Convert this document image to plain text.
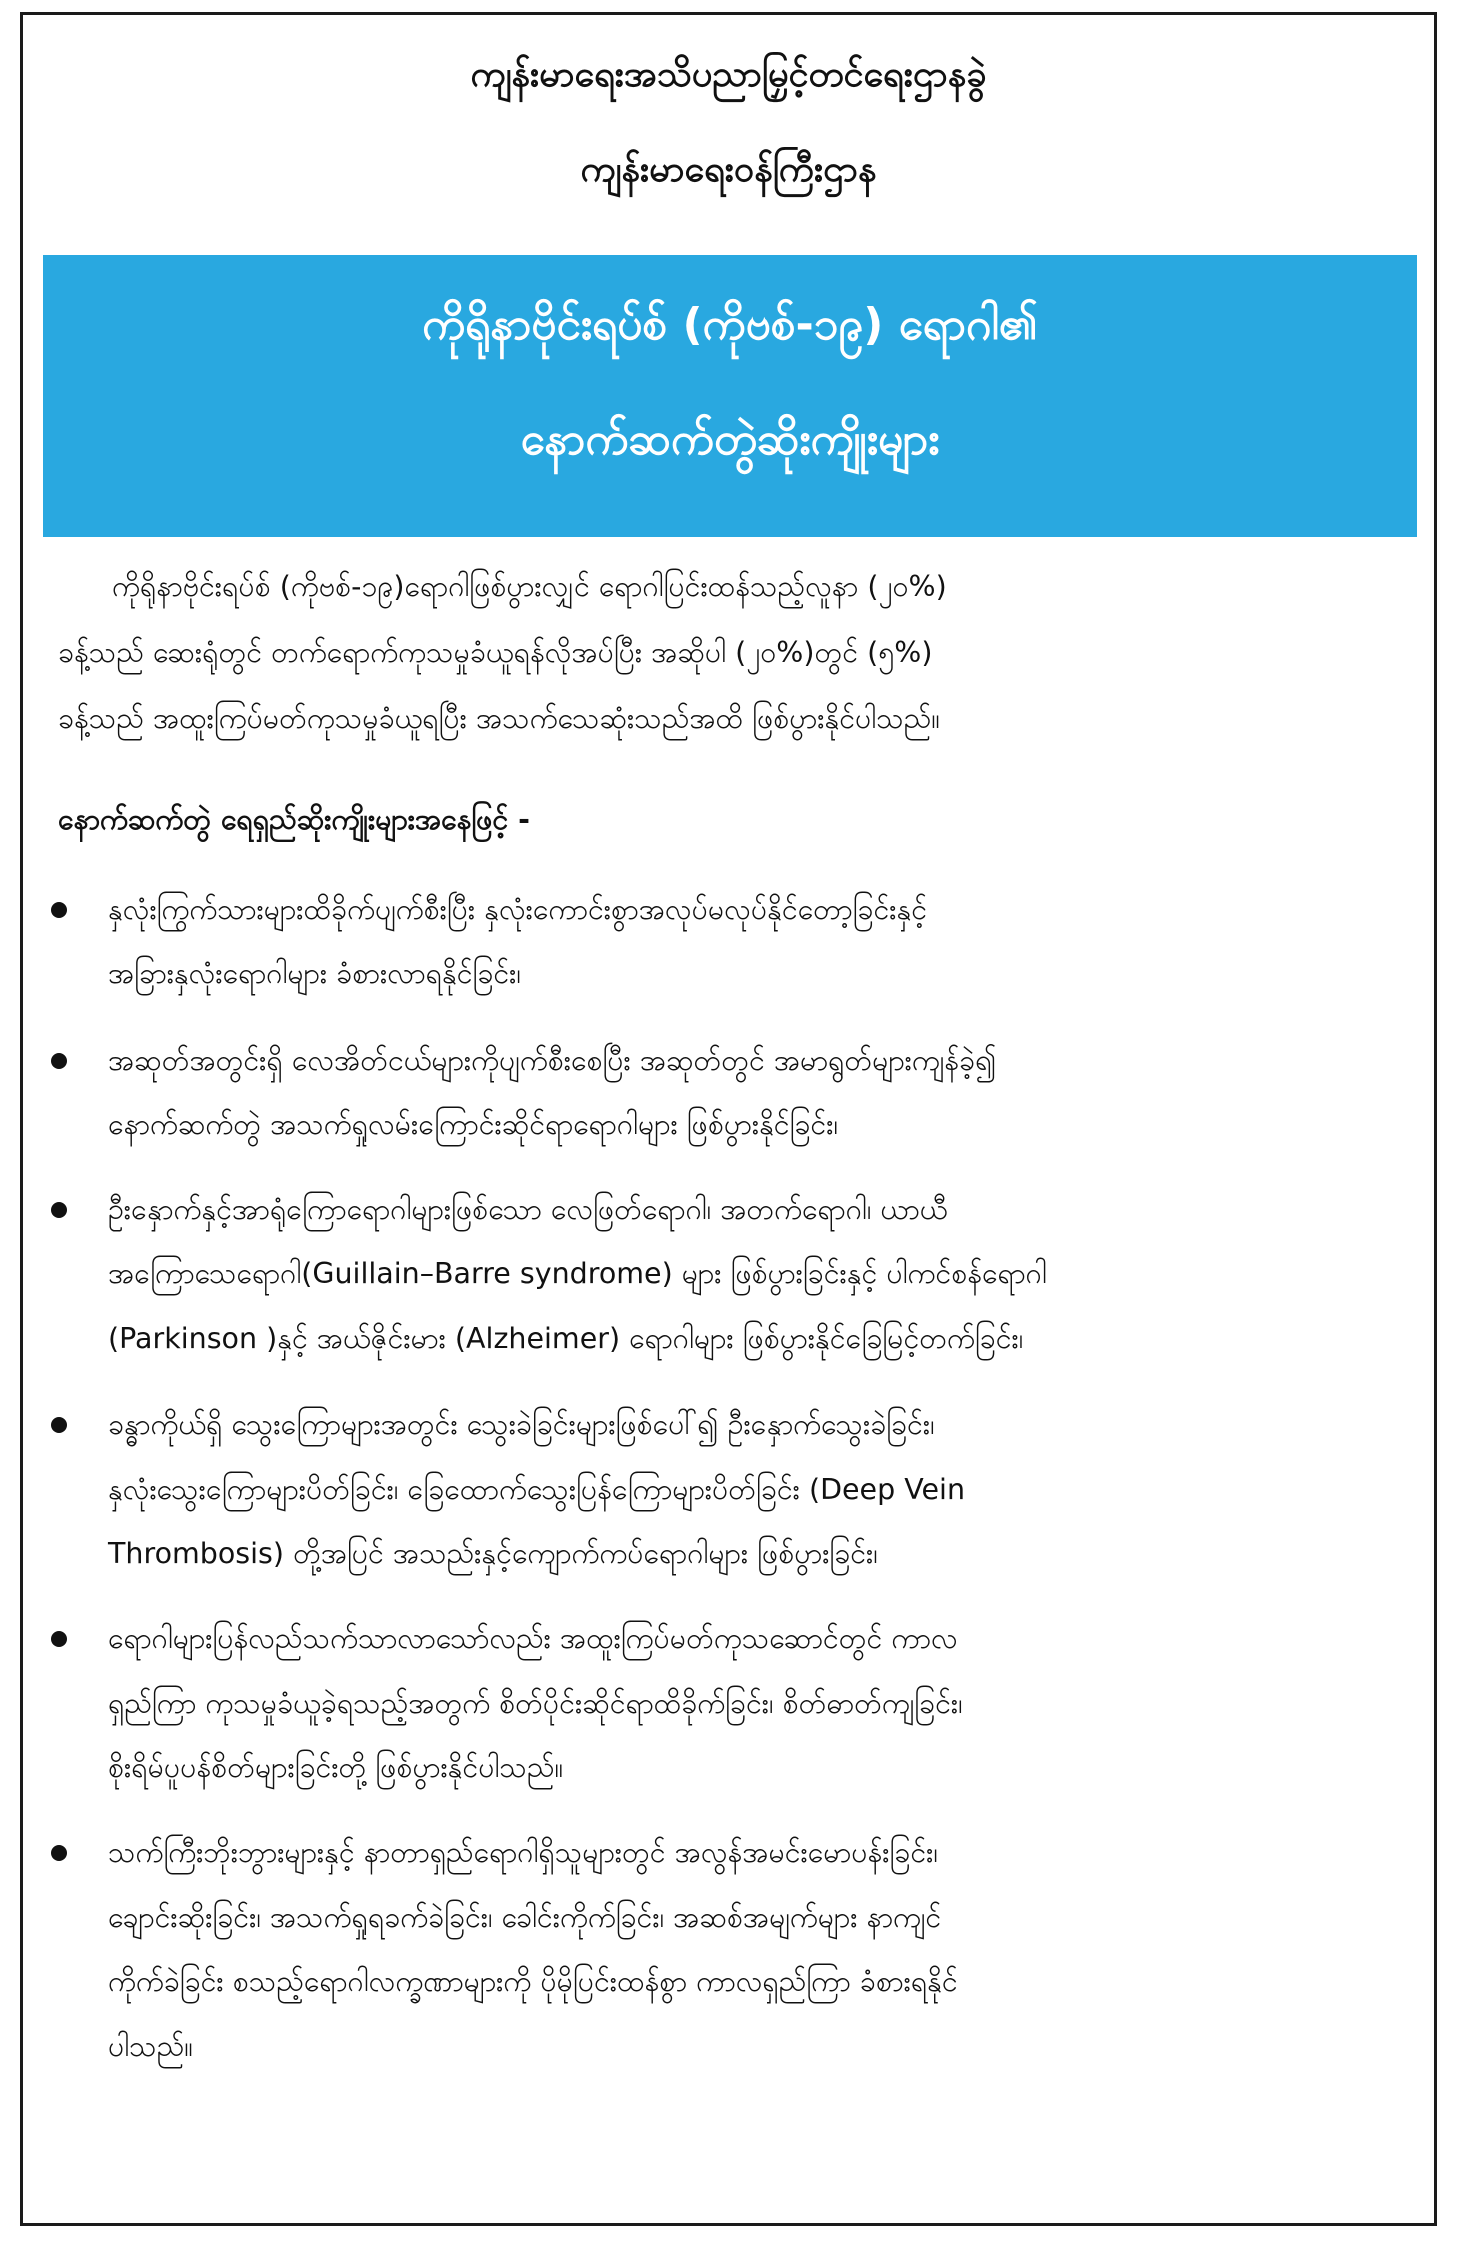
ကျန်းမာရေးအသိပညာမြှင့်တင်ရေးဌာနခွဲ
ကျန်းမာရေးဝန်ကြီးဌာန
ကိုရိုနာဗိုင်းရပ်စ် (ကိုဗစ်-၁၉) ရောဂါ၏
နောက်ဆက်တွဲဆိုးကျိုးများ
ကိုရိုနာဗိုင်းရပ်စ် (ကိုဗစ်-၁၉)ရောဂါဖြစ်ပွားလျှင် ရောဂါပြင်းထန်သည့်လူနာ (၂၀%)
ခန့်သည် ဆေးရုံတွင် တက်ရောက်ကုသမှုခံယူရန်လိုအပ်ပြီး အဆိုပါ (၂၀%)တွင် (၅%)
ခန့်သည် အထူးကြပ်မတ်ကုသမှုခံယူရပြီး အသက်သေဆုံးသည်အထိ ဖြစ်ပွားနိုင်ပါသည်။
နောက်ဆက်တွဲ ရေရှည်ဆိုးကျိုးများအနေဖြင့် -
နှလုံးကြွက်သားများထိခိုက်ပျက်စီးပြီး နှလုံးကောင်းစွာအလုပ်မလုပ်နိုင်တော့ခြင်းနှင့်
အခြားနှလုံးရောဂါများ ခံစားလာရနိုင်ခြင်း၊
အဆုတ်အတွင်းရှိ လေအိတ်ငယ်များကိုပျက်စီးစေပြီး အဆုတ်တွင် အမာရွတ်များကျန်ခဲ့၍
နောက်ဆက်တွဲ အသက်ရှုလမ်းကြောင်းဆိုင်ရာရောဂါများ ဖြစ်ပွားနိုင်ခြင်း၊
ဦးနှောက်နှင့်အာရုံကြောရောဂါများဖြစ်သော လေဖြတ်ရောဂါ၊ အတက်ရောဂါ၊ ယာယီ
အကြောသေရောဂါ(Guillain–Barre syndrome) များ ဖြစ်ပွားခြင်းနှင့် ပါကင်စန်ရောဂါ
(Parkinson )နှင့် အယ်ဇိုင်းမား (Alzheimer) ရောဂါများ ဖြစ်ပွားနိုင်ခြေမြင့်တက်ခြင်း၊
ခန္ဓာကိုယ်ရှိ သွေးကြောများအတွင်း သွေးခဲခြင်းများဖြစ်ပေါ်၍ ဦးနှောက်သွေးခဲခြင်း၊
နှလုံးသွေးကြောများပိတ်ခြင်း၊ ခြေထောက်သွေးပြန်ကြောများပိတ်ခြင်း (Deep Vein
Thrombosis) တို့အပြင် အသည်းနှင့်ကျောက်ကပ်ရောဂါများ ဖြစ်ပွားခြင်း၊
ရောဂါများပြန်လည်သက်သာလာသော်လည်း အထူးကြပ်မတ်ကုသဆောင်တွင် ကာလ
ရှည်ကြာ ကုသမှုခံယူခဲ့ရသည့်အတွက် စိတ်ပိုင်းဆိုင်ရာထိခိုက်ခြင်း၊ စိတ်ဓာတ်ကျခြင်း၊
စိုးရိမ်ပူပန်စိတ်များခြင်းတို့ ဖြစ်ပွားနိုင်ပါသည်။
သက်ကြီးဘိုးဘွားများနှင့် နာတာရှည်ရောဂါရှိသူများတွင် အလွန်အမင်းမောပန်းခြင်း၊
ချောင်းဆိုးခြင်း၊ အသက်ရှုရခက်ခဲခြင်း၊ ခေါင်းကိုက်ခြင်း၊ အဆစ်အမျက်များ နာကျင်
ကိုက်ခဲခြင်း စသည့်ရောဂါလက္ခဏာများကို ပိုမိုပြင်းထန်စွာ ကာလရှည်ကြာ ခံစားရနိုင်
ပါသည်။
